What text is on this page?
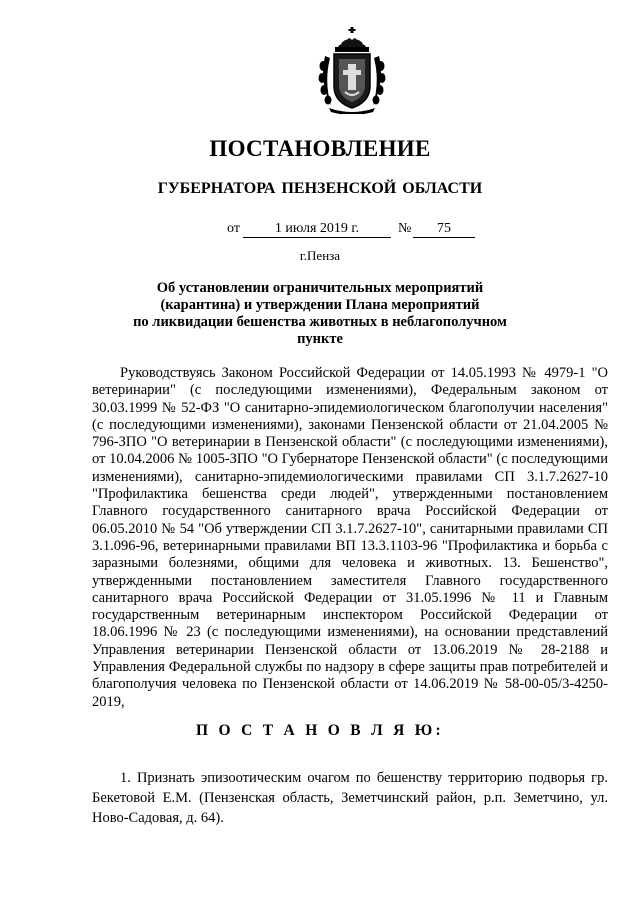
ПОСТАНОВЛЕНИЕ
ГУБЕРНАТОРА ПЕНЗЕНСКОЙ ОБЛАСТИ
от	1 июля 2019 г.	№	75
г.Пенза
Об установлении ограничительных мероприятий
(карантина) и утверждении Плана мероприятий
по ликвидации бешенства животных в неблагополучном пункте

Руководствуясь Законом Российской Федерации от 14.05.1993 № 4979-1 "О ветеринарии" (с последующими изменениями), Федеральным законом от 30.03.1999 № 52-ФЗ "О санитарно-эпидемиологическом благополучии населения" (с последующими изменениями), законами Пензенской области от 21.04.2005 № 796-ЗПО "О ветеринарии в Пензенской области" (с последующими изменениями), от 10.04.2006 № 1005-ЗПО "О Губернаторе Пензенской области" (с последующими изменениями), санитарно-эпидемиологическими правилами СП 3.1.7.2627-10 "Профилактика бешенства среди людей", утвержденными постановлением Главного государственного санитарного врача Российской Федерации от 06.05.2010 № 54 "Об утверждении СП 3.1.7.2627-10", санитарными правилами СП 3.1.096-96, ветеринарными правилами ВП 13.3.1103-96 "Профилактика и борьба с заразными болезнями, общими для человека и животных. 13. Бешенство", утвержденными постановлением заместителя Главного государственного санитарного врача Российской Федерации от 31.05.1996 № 11 и Главным государственным ветеринарным инспектором Российской Федерации от 18.06.1996 № 23 (с последующими изменениями), на основании представлений Управления ветеринарии Пензенской области от 13.06.2019 № 28-2188 и Управления Федеральной службы по надзору в сфере защиты прав потребителей и благополучия человека по Пензенской области от 14.06.2019 № 58-00-05/3-4250-2019,

П О С Т А Н О В Л Я Ю:

1. Признать эпизоотическим очагом по бешенству территорию подворья гр. Бекетовой Е.М. (Пензенская область, Земетчинский район, р.п. Земетчино, ул. Ново-Садовая, д. 64).
